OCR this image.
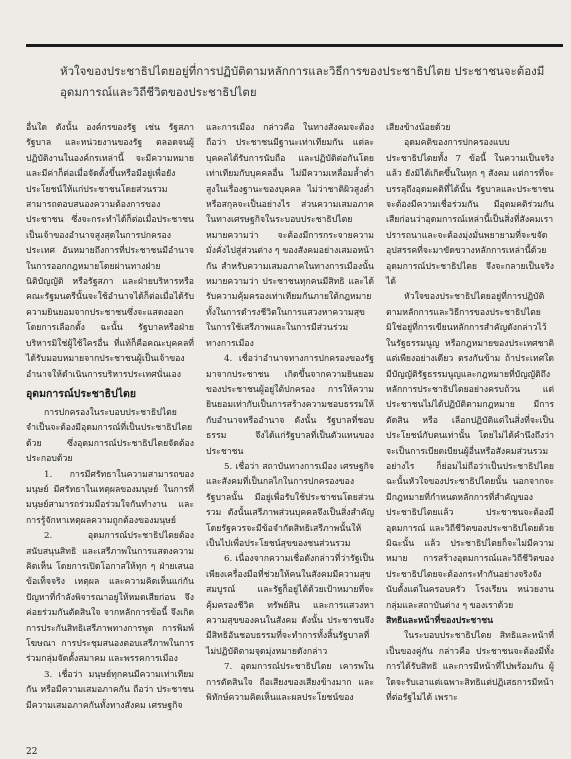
หัวใจของประชาธิปไตยอยู่ที่การปฏิบัติตามหลักการและวิธีการของประชาธิปไตย ประชาชนจะต้องมีอุดมการณ์และวิถีชีวิตของประชาธิปไตย

อื่นใด ดังนั้น องค์กรของรัฐ เช่น รัฐสภา รัฐบาล และหน่วยงานของรัฐ ตลอดจนผู้ปฏิบัติงานในองค์กรเหล่านี้ จะมีความหมายและมีค่าก็ต่อเมื่อจัดตั้งขึ้นหรือมีอยู่เพื่อยังประโยชน์ให้แก่ประชาชนโดยส่วนรวม สามารถตอบสนองความต้องการของประชาชน ซึ่งจะกระทำได้ก็ต่อเมื่อประชาชนเป็นเจ้าของอำนาจสูงสุดในการปกครองประเทศ อันหมายถึงการที่ประชาชนมีอำนาจในการออกกฎหมายโดยผ่านทางฝ่ายนิติบัญญัติ หรือรัฐสภา และฝ่ายบริหารหรือคณะรัฐมนตรีนั้นจะใช้อำนาจได้ก็ต่อเมื่อได้รับความยินยอมจากประชาชนซึ่งจะแสดงออกโดยการเลือกตั้ง ฉะนั้น รัฐบาลหรือฝ่ายบริหารมิใช่ผู้ใช้ใครอื่น ที่แท้ก็คือคณะบุคคลที่ได้รับมอบหมายจากประชาชนผู้เป็นเจ้าของอำนาจให้ดำเนินการบริหารประเทศนั่นเอง

อุดมการณ์ประชาธิปไตย

การปกครองในระบอบประชาธิปไตยจำเป็นจะต้องมีอุดมการณ์ที่เป็นประชาธิปไตยด้วย ซึ่งอุดมการณ์ประชาธิปไตยจัดต้องประกอบด้วย

1. การมีศรัทธาในความสามารถของมนุษย์ มีศรัทธาในเหตุผลของมนุษย์ ในการที่มนุษย์สามารถร่วมมือร่วมใจกันทำงาน และการรู้จักหาเหตุผลความถูกต้องของมนุษย์

2. อุดมการณ์ประชาธิปไตยต้องสนับสนุนสิทธิ และเสรีภาพในการแสดงความคิดเห็น โดยการเปิดโอกาสให้ทุก ๆ ฝ่ายเสนอข้อเท็จจริง เหตุผล และความคิดเห็นแก่กันปัญหาที่กำลังพิจารณาอยู่ให้หมดเสียก่อน จึงค่อยร่วมกันตัดสินใจ จากหลักการข้อนี้ จึงเกิดการประกันสิทธิเสรีภาพทางการพูด การพิมพ์โฆษณา การประชุมสนองตอบเสรีภาพในการร่วมกลุ่มจัดตั้งสมาคม และพรรคการเมือง

3. เชื่อว่า มนุษย์ทุกคนมีความเท่าเทียมกัน หรือมีความเสมอภาคกัน ถือว่า ประชาชนมีความเสมอภาคกันทั้งทางสังคม เศรษฐกิจ

และการเมือง กล่าวคือ ในทางสังคมจะต้องถือว่า ประชาชนมีฐานะเท่าเทียมกัน แต่ละบุคคลได้รับการนับถือ และปฏิบัติต่อกันโดยเท่าเทียมกับบุคคลอื่น ไม่มีความเหลื่อมล้ำต่ำสูงในเรื่องฐานะของบุคคล ไม่ว่าชาติผิวสูงต่ำ หรือสกุลจะเป็นอย่างไร ส่วนความเสมอภาคในทางเศรษฐกิจในระบอบประชาธิปไตย หมายความว่า จะต้องมีการกระจายความมั่งคั่งไปสู่ส่วนต่าง ๆ ของสังคมอย่างเสมอหน้ากัน สำหรับความเสมอภาคในทางการเมืองนั้น หมายความว่า ประชาชนทุกคนมีสิทธิ และได้รับความคุ้มครองเท่าเทียมกันภายใต้กฎหมาย ทั้งในการดำรงชีวิตในการแสวงหาความสุข ในการใช้เสรีภาพและในการมีส่วนร่วมทางการเมือง

4. เชื่อว่าอำนาจทางการปกครองของรัฐมาจากประชาชน เกิดขึ้นจากความยินยอมของประชาชนผู้อยู่ใต้ปกครอง การให้ความยินยอมเท่ากับเป็นการสร้างความชอบธรรมให้กับอำนาจหรืออำนาจ ดังนั้น รัฐบาลที่ชอบธรรม จึงได้แก่รัฐบาลที่เป็นตัวแทนของประชาชน

5. เชื่อว่า สถาบันทางการเมือง เศรษฐกิจ และสังคมที่เป็นกลไกในการปกครองของรัฐบาลนั้น มีอยู่เพื่อรับใช้ประชาชนโดยส่วนรวม ดังนั้นเสรีภาพส่วนบุคคลจึงเป็นสิ่งสำคัญ โดยรัฐควรจะมีข้อจำกัดสิทธิเสรีภาพนั้นให้เป็นไปเพื่อประโยชน์สุขของชนส่วนรวม

6. เนื่องจากความเชื่อดังกล่าวที่ว่ารัฐเป็นเพียงเครื่องมือที่ช่วยให้คนในสังคมมีความสุขสมบูรณ์ และรัฐก็อยู่ได้ด้วยเป้าหมายที่จะคุ้มครองชีวิต ทรัพย์สิน และการแสวงหาความสุขของคนในสังคม ดังนั้น ประชาชนจึงมีสิทธิอันชอบธรรมที่จะทำการทั้งสิ้นรัฐบาลที่ไม่ปฏิบัติตามจุดมุ่งหมายดังกล่าว

7. อุดมการณ์ประชาธิปไตย เคารพในการตัดสินใจ ถือเสียงของเสียงข้างมาก และพิทักษ์ความคิดเห็นและผลประโยชน์ของ

เสียงข้างน้อยด้วย

อุดมคติของการปกครองแบบประชาธิปไตยทั้ง 7 ข้อนี้ ในความเป็นจริงแล้ว ยังมิได้เกิดขึ้นในทุก ๆ สังคม แต่การที่จะบรรลุถึงอุดมคติที่ได้นั้น รัฐบาลและประชาชนจะต้องมีความเชื่อร่วมกัน มีอุดมคติร่วมกันเสียก่อนว่าอุดมการณ์เหล่านี้เป็นสิ่งที่สังคมเราปรารถนาและจะต้องมุ่งมั่นพยายามที่จะขจัดอุปสรรคที่จะมาขัดขวางหลักการเหล่านี้ด้วย อุดมการณ์ประชาธิปไตย จึงจะกลายเป็นจริงได้

หัวใจของประชาธิปไตยอยู่ที่การปฏิบัติตามหลักการและวิธีการของประชาธิปไตย มิใช่อยู่ที่การเขียนหลักการสำคัญดังกล่าวไว้ในรัฐธรรมนูญ หรือกฎหมายของประเทศชาติแต่เพียงอย่างเดียว ตรงกันข้าม ถ้าประเทศใดมีบัญญัติรัฐธรรมนูญและกฎหมายที่บัญญัติถึงหลักการประชาธิปไตยอย่างครบถ้วน แต่ประชาชนไม่ได้ปฏิบัติตามกฎหมาย มีการตัดสิน หรือ เลือกปฏิบัติแต่ในสิ่งที่จะเป็นประโยชน์กับตนเท่านั้น โดยไม่ได้คำนึงถึงว่า จะเป็นการเบียดเบียนผู้อื่นหรือสังคมส่วนรวมอย่างไร ก็ย่อมไม่ถือว่าเป็นประชาธิปไตย ฉะนั้นหัวใจของประชาธิปไตยนั้น นอกจากจะมีกฎหมายที่กำหนดหลักการที่สำคัญของประชาธิปไตยแล้ว ประชาชนจะต้องมีอุดมการณ์ และวิถีชีวิตของประชาธิปไตยด้วย มิฉะนั้น แล้ว ประชาธิปไตยก็จะไม่มีความหมาย การสร้างอุดมการณ์และวิถีชีวิตของประชาธิปไตยจะต้องกระทำกันอย่างจริงจัง นับตั้งแต่ในครอบครัว โรงเรียน หน่วยงาน กลุ่มและสถาบันต่าง ๆ ของเราด้วย

สิทธิและหน้าที่ของประชาชน

ในระบอบประชาธิปไตย สิทธิและหน้าที่เป็นของคู่กัน กล่าวคือ ประชาชนจะต้องมีทั้งการได้รับสิทธิ และการมีหน้าที่ไปพร้อมกัน ผู้ใดจะรับเอาแต่เฉพาะสิทธิแต่ปฏิเสธการมีหน้าที่ต่อรัฐไม่ได้ เพราะ

22
